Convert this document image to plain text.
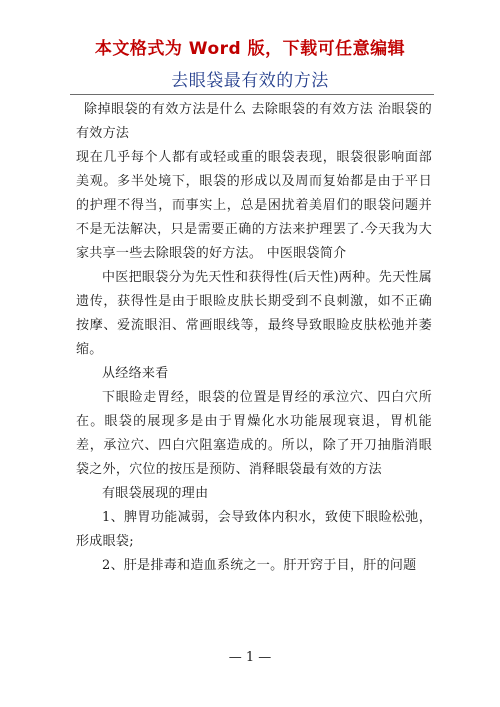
本文格式为 Word 版，下载可任意编辑
去眼袋最有效的方法

除掉眼袋的有效方法是什么 去除眼袋的有效方法 治眼袋的有效方法

现在几乎每个人都有或轻或重的眼袋表现，眼袋很影响面部美观。多半处境下，眼袋的形成以及周而复始都是由于平日的护理不得当，而事实上，总是困扰着美眉们的眼袋问题并不是无法解决，只是需要正确的方法来护理罢了.今天我为大家共享一些去除眼袋的好方法。 中医眼袋简介

中医把眼袋分为先天性和获得性(后天性)两种。先天性属遗传，获得性是由于眼睑皮肤长期受到不良刺激，如不正确按摩、爱流眼泪、常画眼线等，最终导致眼睑皮肤松弛并萎缩。

从经络来看

下眼睑走胃经，眼袋的位置是胃经的承泣穴、四白穴所在。眼袋的展现多是由于胃燥化水功能展现衰退，胃机能差，承泣穴、四白穴阻塞造成的。所以，除了开刀抽脂消眼袋之外，穴位的按压是预防、消释眼袋最有效的方法

有眼袋展现的理由

1、脾胃功能减弱，会导致体内积水，致使下眼睑松弛，形成眼袋;

2、肝是排毒和造血系统之一。肝开窍于目，肝的问题

— 1 —
